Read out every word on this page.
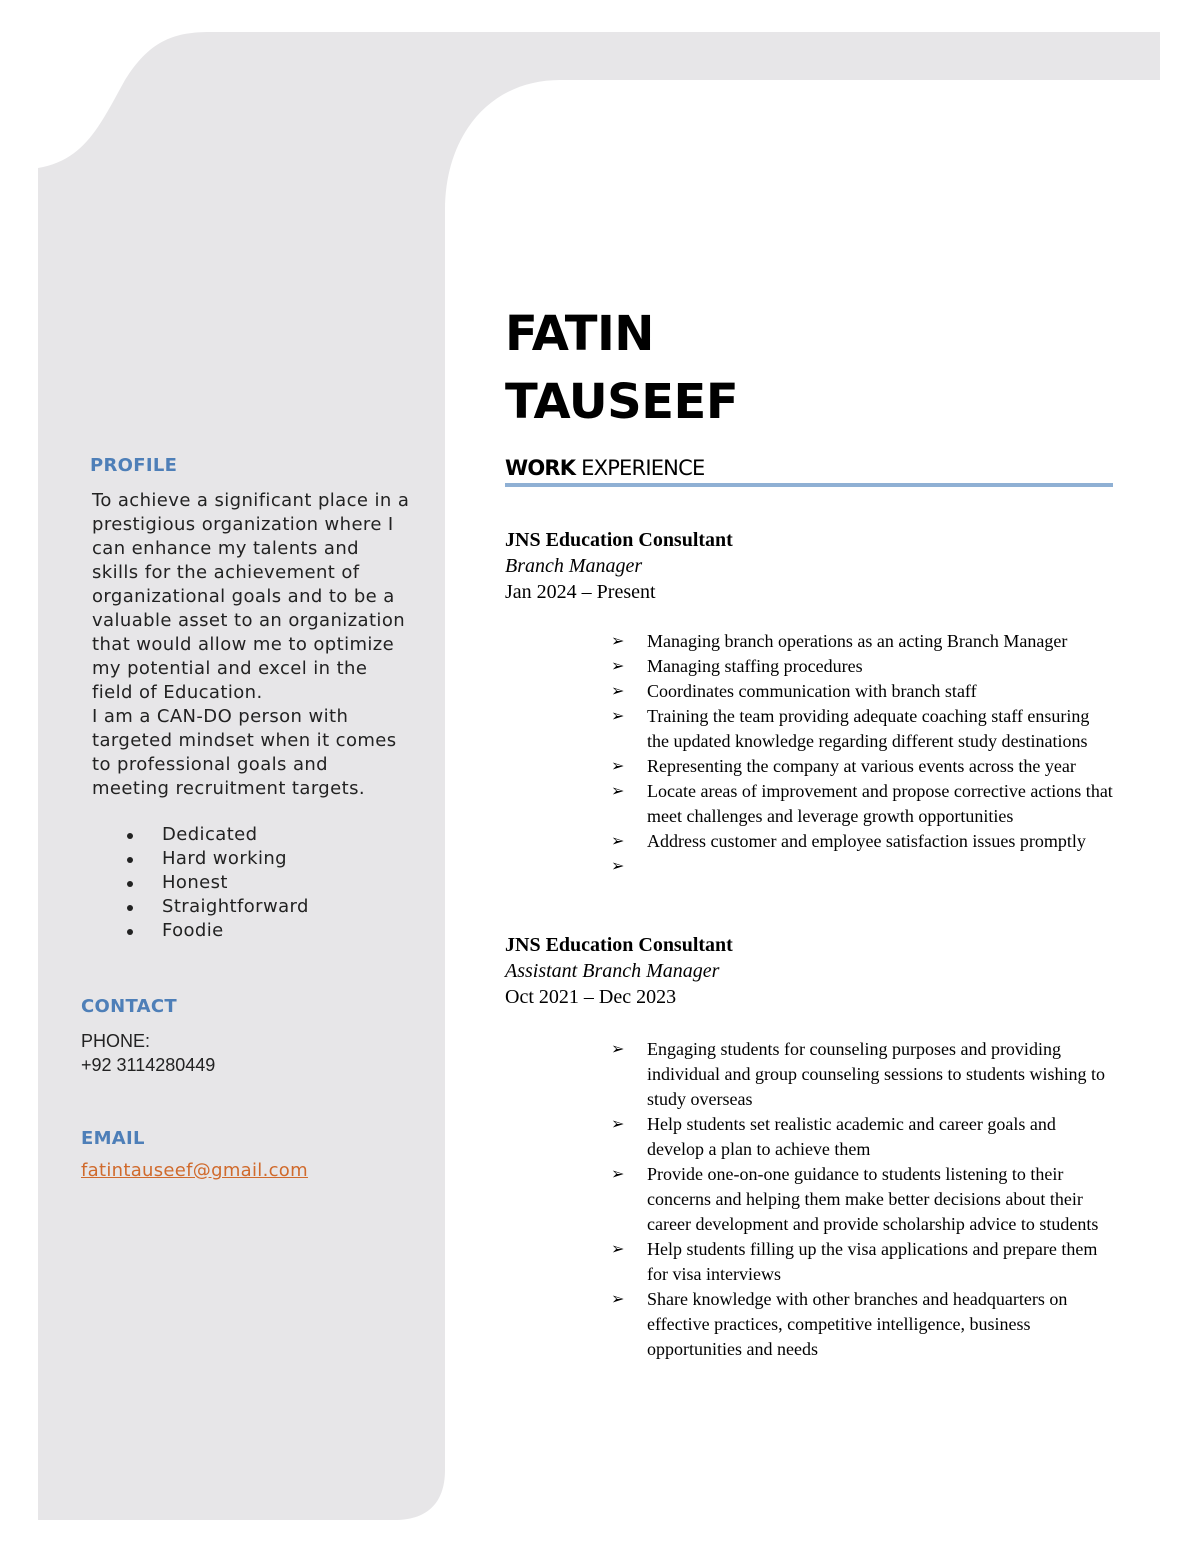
PROFILE

To achieve a significant place in a prestigious organization where I can enhance my talents and skills for the achievement of organizational goals and to be a valuable asset to an organization that would allow me to optimize my potential and excel in the field of Education.

I am a CAN-DO person with targeted mindset when it comes to professional goals and meeting recruitment targets.

Dedicated
Hard working
Honest
Straightforward
Foodie
CONTACT
PHONE:
+92 3114280449
EMAIL
fatintauseef@gmail.com
FATIN
TAUSEEF
WORK EXPERIENCE
JNS Education Consultant
Branch Manager
Jan 2024 – Present
➢ Managing branch operations as an acting Branch Manager
➢ Managing staffing procedures
➢ Coordinates communication with branch staff
➢ Training the team providing adequate coaching staff ensuring the updated knowledge regarding different study destinations
➢ Representing the company at various events across the year
➢ Locate areas of improvement and propose corrective actions that meet challenges and leverage growth opportunities
➢ Address customer and employee satisfaction issues promptly
➢

JNS Education Consultant
Assistant Branch Manager
Oct 2021 – Dec 2023
➢ Engaging students for counseling purposes and providing individual and group counseling sessions to students wishing to study overseas
➢ Help students set realistic academic and career goals and develop a plan to achieve them
➢ Provide one-on-one guidance to students listening to their concerns and helping them make better decisions about their career development and provide scholarship advice to students
➢ Help students filling up the visa applications and prepare them for visa interviews
➢ Share knowledge with other branches and headquarters on effective practices, competitive intelligence, business opportunities and needs
